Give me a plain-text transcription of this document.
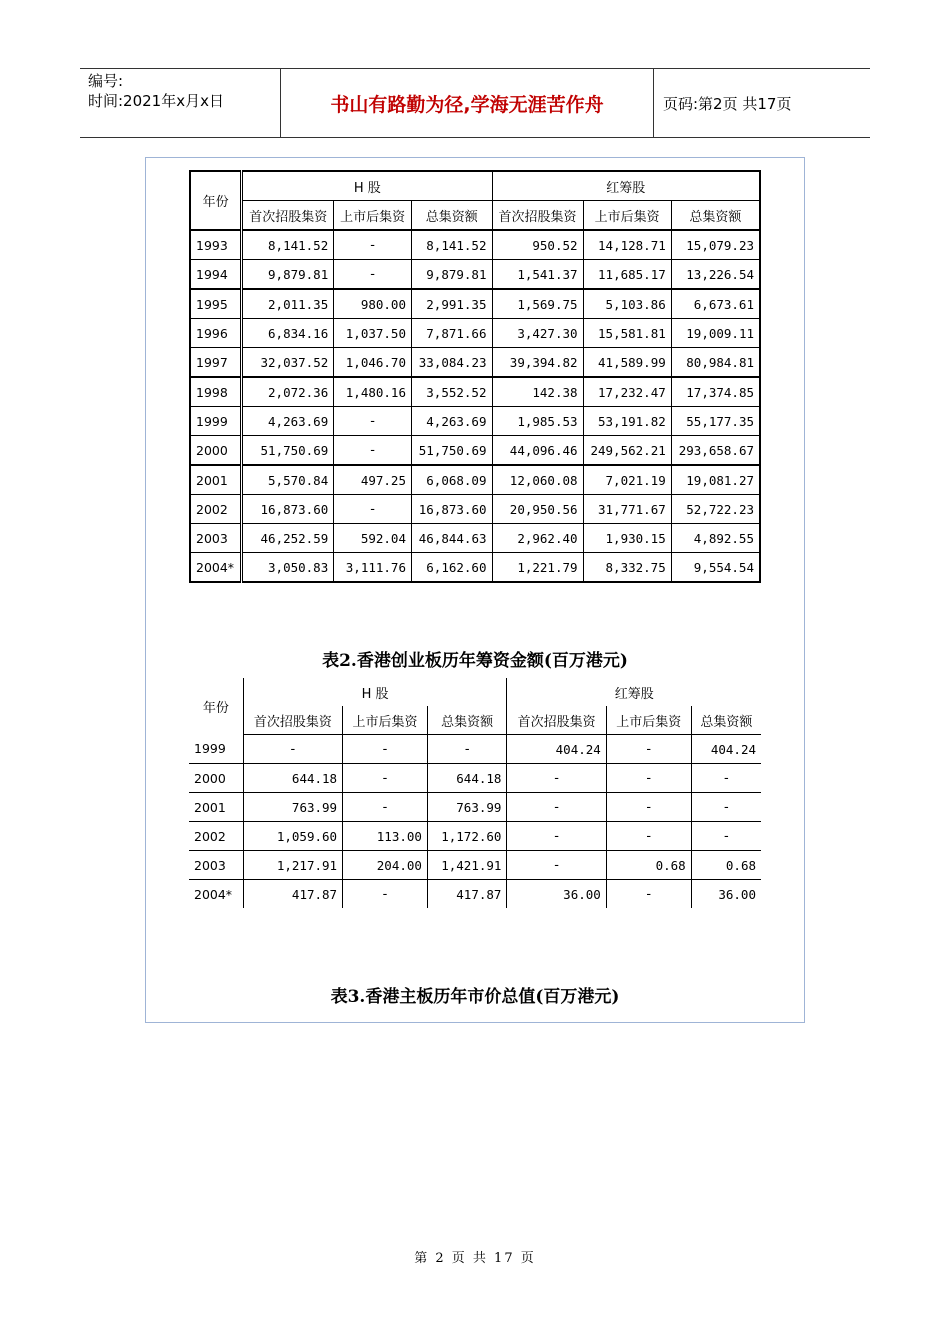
编号:
时间:2021年x月x日	书山有路勤为径,学海无涯苦作舟	页码:第2页 共17页
年份	H 股			红筹股		
	首次招股集资	上市后集资	总集资额	首次招股集资	上市后集资	总集资额
1993	8,141.52	-	8,141.52	950.52	14,128.71	15,079.23
1994	9,879.81	-	9,879.81	1,541.37	11,685.17	13,226.54
1995	2,011.35	980.00	2,991.35	1,569.75	5,103.86	6,673.61
1996	6,834.16	1,037.50	7,871.66	3,427.30	15,581.81	19,009.11
1997	32,037.52	1,046.70	33,084.23	39,394.82	41,589.99	80,984.81
1998	2,072.36	1,480.16	3,552.52	142.38	17,232.47	17,374.85
1999	4,263.69	-	4,263.69	1,985.53	53,191.82	55,177.35
2000	51,750.69	-	51,750.69	44,096.46	249,562.21	293,658.67
2001	5,570.84	497.25	6,068.09	12,060.08	7,021.19	19,081.27
2002	16,873.60	-	16,873.60	20,950.56	31,771.67	52,722.23
2003	46,252.59	592.04	46,844.63	2,962.40	1,930.15	4,892.55
2004*	3,050.83	3,111.76	6,162.60	1,221.79	8,332.75	9,554.54
表2.香港创业板历年筹资金额(百万港元)
年份	H 股			红筹股		
	首次招股集资	上市后集资	总集资额	首次招股集资	上市后集资	总集资额
1999	-	-	-	404.24	-	404.24
2000	644.18	-	644.18	-	-	-
2001	763.99	-	763.99	-	-	-
2002	1,059.60	113.00	1,172.60	-	-	-
2003	1,217.91	204.00	1,421.91	-	0.68	0.68
2004*	417.87	-	417.87	36.00	-	36.00
表3.香港主板历年市价总值(百万港元)
第 2 页 共 17 页
